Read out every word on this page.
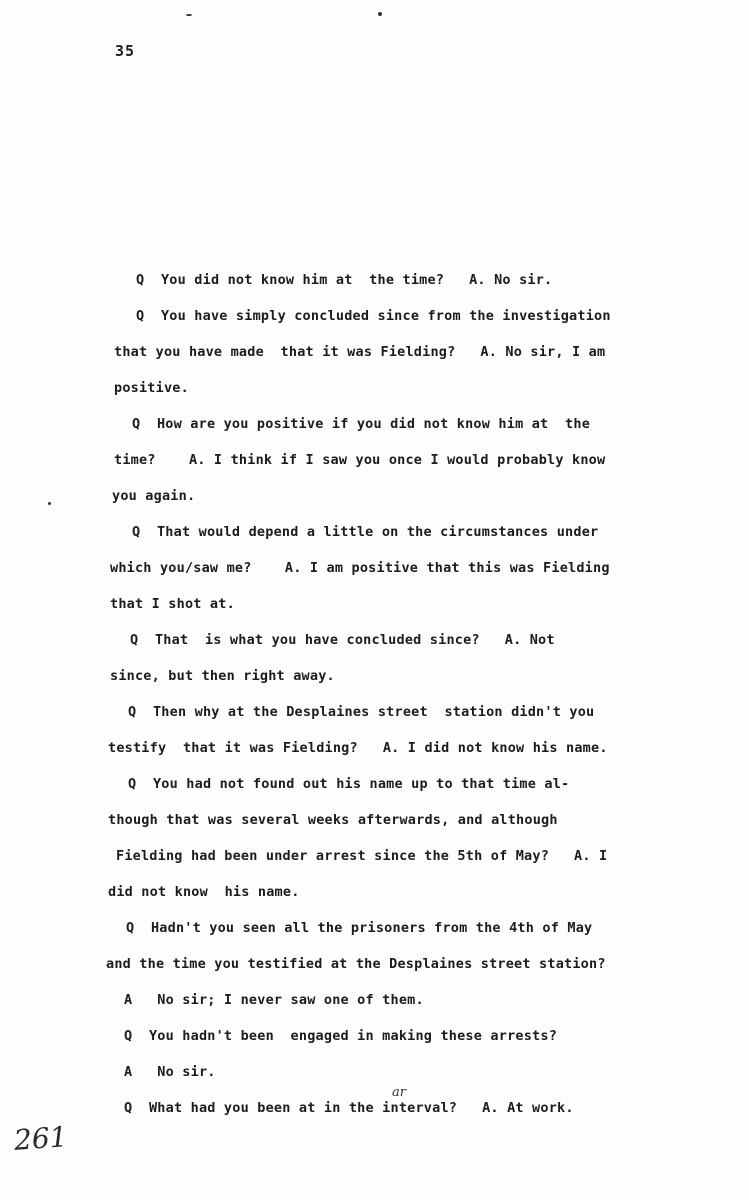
35
Q  You did not know him at  the time?   A. No sir.
Q  You have simply concluded since from the investigation
that you have made  that it was Fielding?   A. No sir, I am
positive.
Q  How are you positive if you did not know him at  the
time?    A. I think if I saw you once I would probably know
you again.
Q  That would depend a little on the circumstances under
which you/saw me?    A. I am positive that this was Fielding
that I shot at.
Q  That  is what you have concluded since?   A. Not
since, but then right away.
Q  Then why at the Desplaines street  station didn't you
testify  that it was Fielding?   A. I did not know his name.
Q  You had not found out his name up to that time al-
though that was several weeks afterwards, and although
Fielding had been under arrest since the 5th of May?   A. I
did not know  his name.
Q  Hadn't you seen all the prisoners from the 4th of May
and the time you testified at the Desplaines street station?
A   No sir; I never saw one of them.
Q  You hadn't been  engaged in making these arrests?
A   No sir.
Q  What had you been at in the interval?   A. At work.
ar
261
